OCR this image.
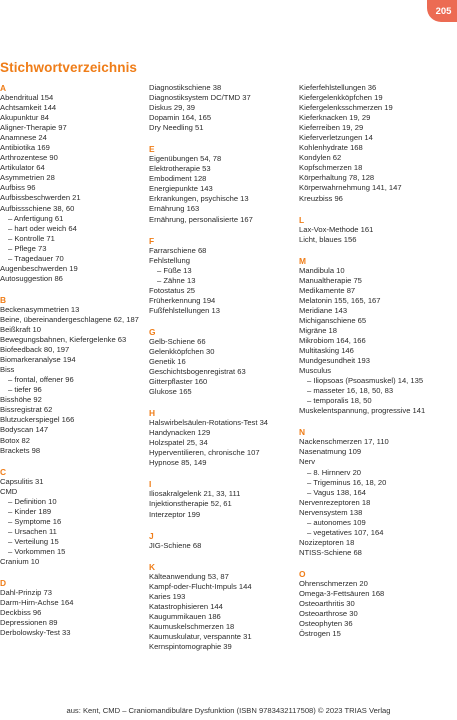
205
Stichwortverzeichnis
A
Abendritual 154
Achtsamkeit 144
Akupunktur 84
Aligner-Therapie 97
Anamnese 24
Antibiotika 169
Arthrozentese 90
Artikulator 64
Asymmetrien 28
Aufbiss 96
Aufbissbeschwerden 21
Aufbissschiene 38, 60
– Anfertigung 61
– hart oder weich 64
– Kontrolle 71
– Pflege 73
– Tragedauer 70
Augenbeschwerden 19
Autosuggestion 86
B
Beckenasymmetrien 13
Beine, übereinandergeschlagene 62, 187
Beißkraft 10
Bewegungsbahnen, Kiefergelenke 63
Biofeedback 80, 197
Biomarkeranalyse 194
Biss
– frontal, offener 96
– tiefer 96
Bisshöhe 92
Bissregistrat 62
Blutzuckerspiegel 166
Bodyscan 147
Botox 82
Brackets 98
C
Capsulitis 31
CMD
– Definition 10
– Kinder 189
– Symptome 16
– Ursachen 11
– Verteilung 15
– Vorkommen 15
Cranium 10
D
Dahl-Prinzip 73
Darm-Hirn-Achse 164
Deckbiss 96
Depressionen 89
Derbolowsky-Test 33
Diagnostikschiene 38
Diagnostiksystem DC/TMD 37
Diskus 29, 39
Dopamin 164, 165
Dry Needling 51
E
Eigenübungen 54, 78
Elektrotherapie 53
Embodiment 128
Energiepunkte 143
Erkrankungen, psychische 13
Ernährung 163
Ernährung, personalisierte 167
F
Farrarschiene 68
Fehlstellung
– Füße 13
– Zähne 13
Fotostatus 25
Früherkennung 194
Fußfehlstellungen 13
G
Gelb-Schiene 66
Gelenkköpfchen 30
Genetik 16
Geschichtsbogenregistrat 63
Gitterpflaster 160
Glukose 165
H
Halswirbelsäulen-Rotations-Test 34
Handynacken 129
Holzspatel 25, 34
Hyperventilieren, chronische 107
Hypnose 85, 149
I
Iliosakralgelenk 21, 33, 111
Injektionstherapie 52, 61
Interzeptor 199
J
JIG-Schiene 68
K
Kälteanwendung 53, 87
Kampf-oder-Flucht-Impuls 144
Karies 193
Katastrophisieren 144
Kaugummikauen 186
Kaumuskelschmerzen 18
Kaumuskulatur, verspannte 31
Kernspintomographie 39
Kieferfehlstellungen 36
Kiefergelenkköpfchen 19
Kiefergelenksschmerzen 19
Kieferknacken 19, 29
Kieferreiben 19, 29
Kieferverletzungen 14
Kohlenhydrate 168
Kondylen 62
Kopfschmerzen 18
Körperhaltung 78, 128
Körperwahrnehmung 141, 147
Kreuzbiss 96
L
Lax-Vox-Methode 161
Licht, blaues 156
M
Mandibula 10
Manualtherapie 75
Medikamente 87
Melatonin 155, 165, 167
Meridiane 143
Michiganschiene 65
Migräne 18
Mikrobiom 164, 166
Multitasking 146
Mundgesundheit 193
Musculus
– Iliopsoas (Psoasmuskel) 14, 135
– masseter 16, 18, 50, 83
– temporalis 18, 50
Muskelentspannung, progressive 141
N
Nackenschmerzen 17, 110
Nasenatmung 109
Nerv
– 8. Hirnnerv 20
– Trigeminus 16, 18, 20
– Vagus 138, 164
Nervenrezeptoren 18
Nervensystem 138
– autonomes 109
– vegetatives 107, 164
Nozizeptoren 18
NTISS-Schiene 68
O
Ohrenschmerzen 20
Omega-3-Fettsäuren 168
Osteoarthritis 30
Osteoarthrose 30
Osteophyten 36
Östrogen 15
aus: Kent, CMD – Craniomandibuläre Dysfunktion (ISBN 9783432117508) © 2023 TRIAS Verlag
